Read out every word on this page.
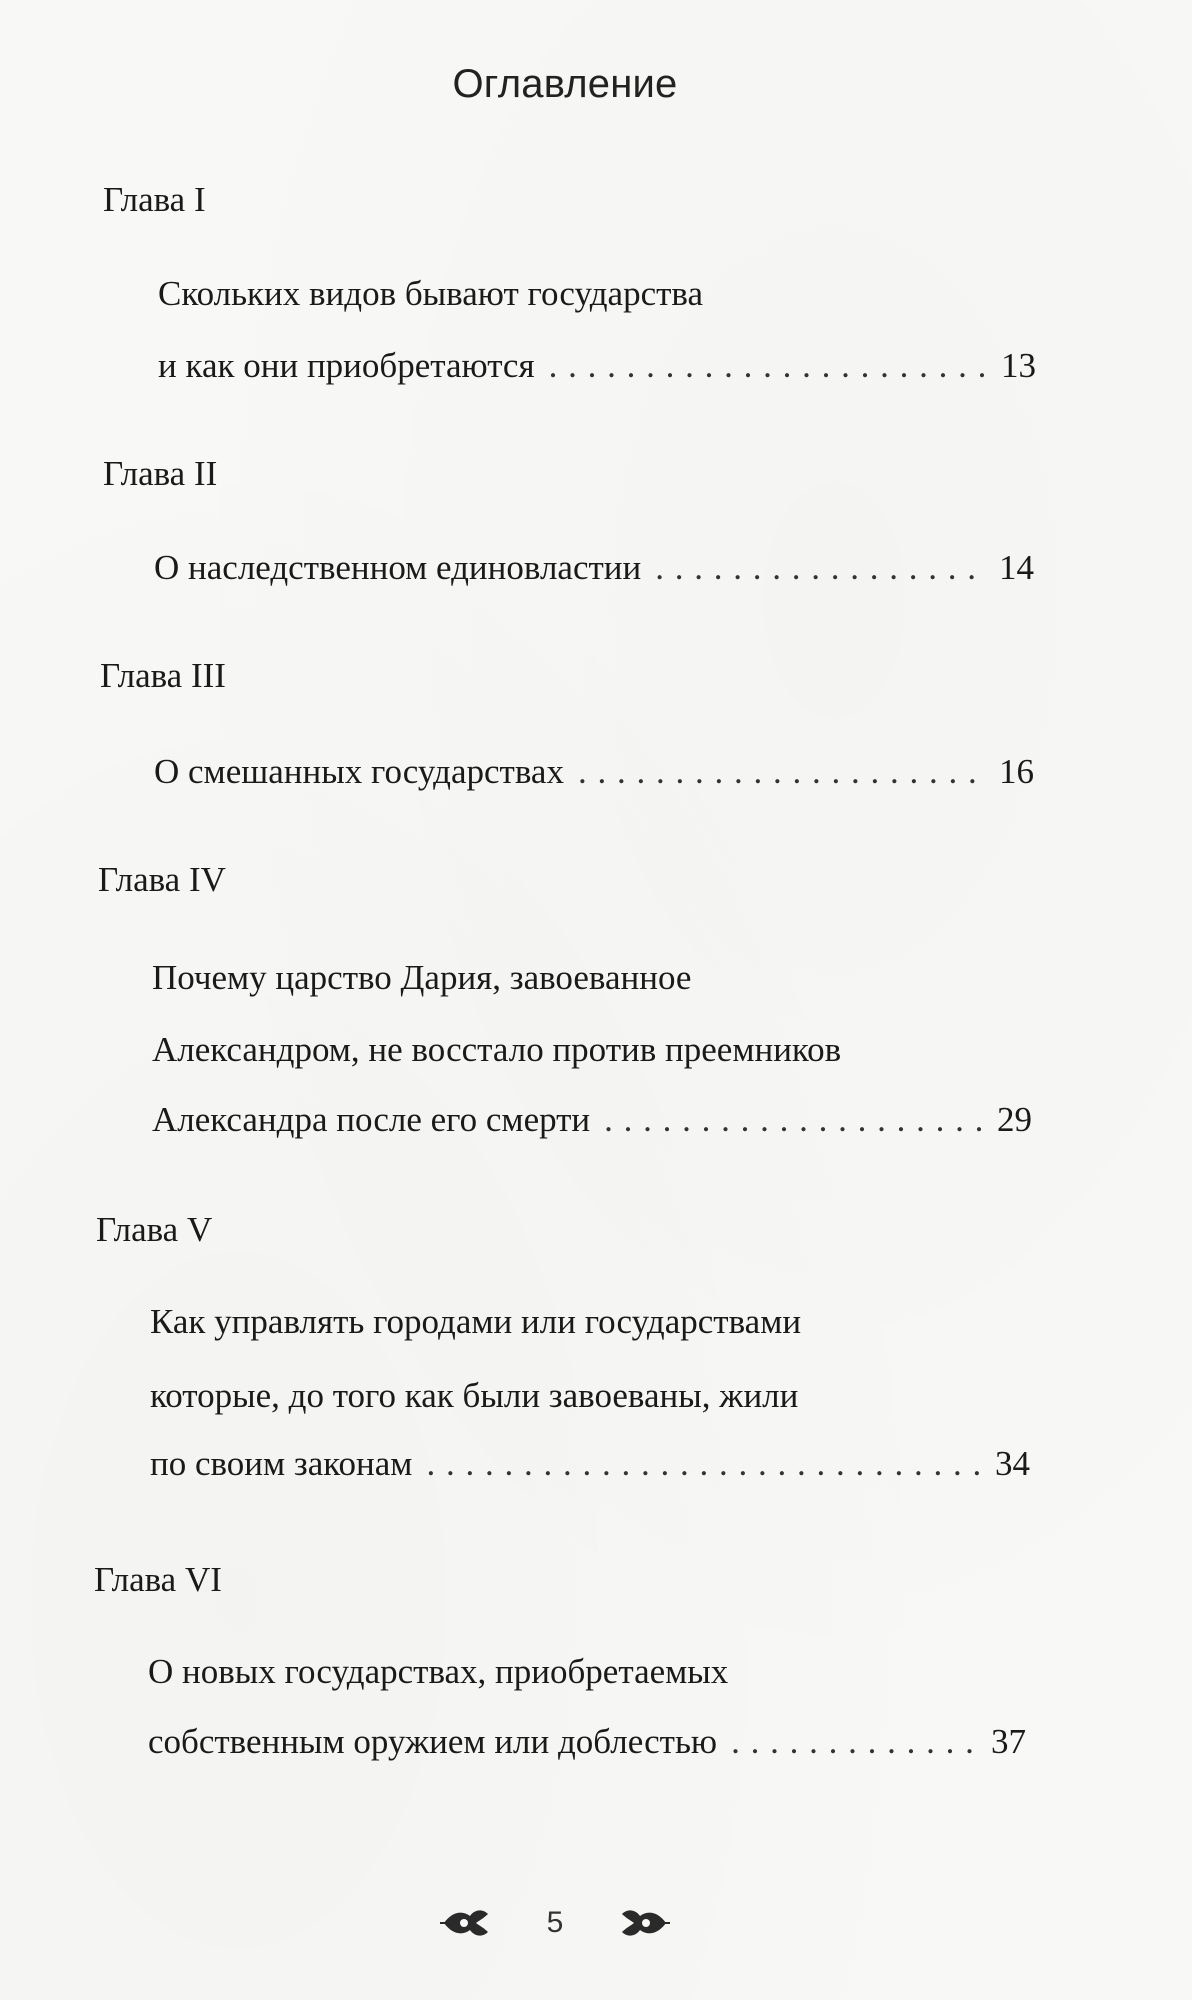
Оглавление
Глава I
Скольких видов бывают государства
и как они приобретаются . . .	13
Глава II
О наследственном единовластии . . .	14
Глава III
О смешанных государствах . . .	16
Глава IV
Почему царство Дария, завоеванное
Александром, не восстало против преемников
Александра после его смерти . . .	29
Глава V
Как управлять городами или государствами
которые, до того как были завоеваны, жили
по своим законам . . .	34
Глава VI
О новых государствах, приобретаемых
собственным оружием или доблестью . . .	37
5
